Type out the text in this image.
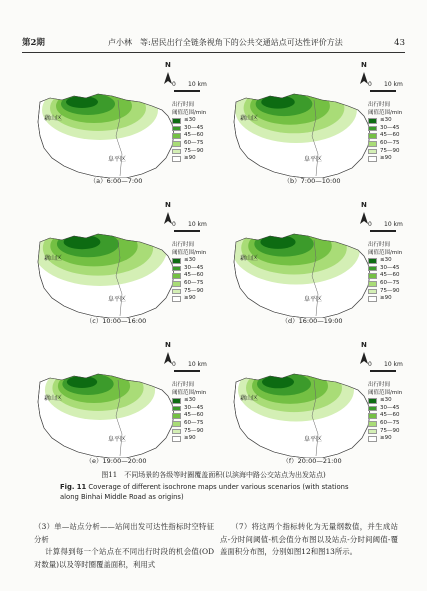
第2期	卢小林　等:居民出行全链条视角下的公共交通站点可达性评价方法	43
N
0 10 km
藕山区
阜平区
出行时间
阈值范围/min
≤30
30—45
45—60
60—75
75—90
≥90
（a）6:00—7:00
N
0 10 km
藕山区
阜平区
出行时间
阈值范围/min
≤30
30—45
45—60
60—75
75—90
≥90
（b）7:00—10:00
N
0 10 km
藕山区
阜平区
出行时间
阈值范围/min
≤30
30—45
45—60
60—75
75—90
≥90
（c）10:00—16:00
N
0 10 km
藕山区
阜平区
出行时间
阈值范围/min
≤30
30—45
45—60
60—75
75—90
≥90
（d）16:00—19:00
N
0 10 km
藕山区
阜平区
出行时间
阈值范围/min
≤30
30—45
45—60
60—75
75—90
≥90
（e）19:00—20:00
N
0 10 km
藕山区
阜平区
出行时间
阈值范围/min
≤30
30—45
45—60
60—75
75—90
≥90
（f）20:00—21:00
图11　不同场景的各级等时圈覆盖面积(以滨海中路公交站点为出发站点)
Fig. 11 Coverage of different isochrone maps under various scenarios (with stations along Binhai Middle Road as origins)

（3）单—站点分析——站间出发可达性指标时空特征分析

计算得到每一个站点在不同出行时段的机会值(OD 对数量)以及等时圈覆盖面积，利用式

（7）将这两个指标转化为无量纲数值，并生成站点-分时间阈值-机会值分布图以及站点-分时间阈值-覆盖面积分布图，分别如图12和图13所示。
